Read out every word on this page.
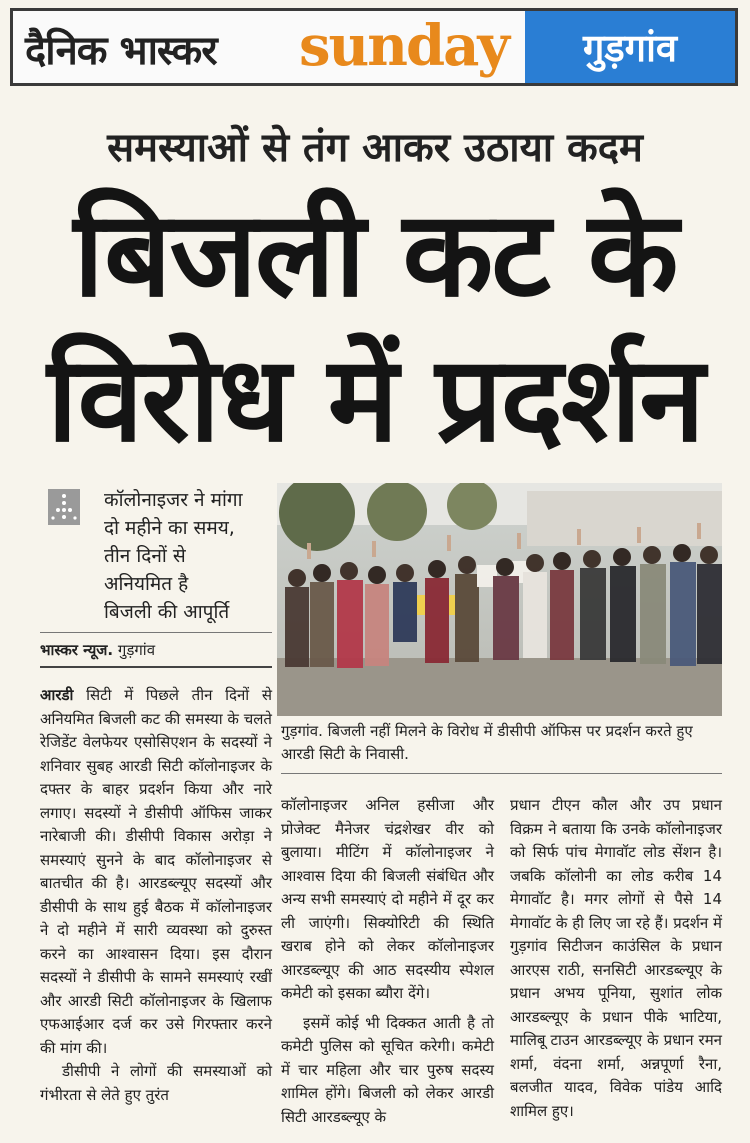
दैनिक भास्कर sunday	गुड़गांव
समस्याओं से तंग आकर उठाया कदम
बिजली कट के
विरोध में प्रदर्शन
कॉलोनाइजर ने मांगा
दो महीने का समय,
तीन दिनों से
अनियमित है
बिजली की आपूर्ति
भास्कर न्यूज. गुड़गांव
गुड़गांव. बिजली नहीं मिलने के विरोध में डीसीपी ऑफिस पर प्रदर्शन करते हुए आरडी सिटी के निवासी.

आरडी सिटी में पिछले तीन दिनों से अनियमित बिजली कट की समस्या के चलते रेजिडेंट वेलफेयर एसोसिएशन के सदस्यों ने शनिवार सुबह आरडी सिटी कॉलोनाइजर के दफ्तर के बाहर प्रदर्शन किया और नारे लगाए। सदस्यों ने डीसीपी ऑफिस जाकर नारेबाजी की। डीसीपी विकास अरोड़ा ने समस्याएं सुनने के बाद कॉलोनाइजर से बातचीत की है। आरडब्ल्यूए सदस्यों और डीसीपी के साथ हुई बैठक में कॉलोनाइजर ने दो महीने में सारी व्यवस्था को दुरुस्त करने का आश्वासन दिया। इस दौरान सदस्यों ने डीसीपी के सामने समस्याएं रखीं और आरडी सिटी कॉलोनाइजर के खिलाफ एफआईआर दर्ज कर उसे गिरफ्तार करने की मांग की।

डीसीपी ने लोगों की समस्याओं को गंभीरता से लेते हुए तुरंत

कॉलोनाइजर अनिल हसीजा और प्रोजेक्ट मैनेजर चंद्रशेखर वीर को बुलाया। मीटिंग में कॉलोनाइजर ने आश्वास दिया की बिजली संबंधित और अन्य सभी समस्याएं दो महीने में दूर कर ली जाएंगी। सिक्योरिटी की स्थिति खराब होने को लेकर कॉलोनाइजर आरडब्ल्यूए की आठ सदस्यीय स्पेशल कमेटी को इसका ब्यौरा देंगे।

इसमें कोई भी दिक्कत आती है तो कमेटी पुलिस को सूचित करेगी। कमेटी में चार महिला और चार पुरुष सदस्य शामिल होंगे। बिजली को लेकर आरडी सिटी आरडब्ल्यूए के

प्रधान टीएन कौल और उप प्रधान विक्रम ने बताया कि उनके कॉलोनाइजर को सिर्फ पांच मेगावॉट लोड सेंशन है। जबकि कॉलोनी का लोड करीब 14 मेगावॉट है। मगर लोगों से पैसे 14 मेगावॉट के ही लिए जा रहे हैं। प्रदर्शन में गुड़गांव सिटीजन काउंसिल के प्रधान आरएस राठी, सनसिटी आरडब्ल्यूए के प्रधान अभय पूनिया, सुशांत लोक आरडब्ल्यूए के प्रधान पीके भाटिया, मालिबू टाउन आरडब्ल्यूए के प्रधान रमन शर्मा, वंदना शर्मा, अन्नपूर्णा रैना, बलजीत यादव, विवेक पांडेय आदि शामिल हुए।
